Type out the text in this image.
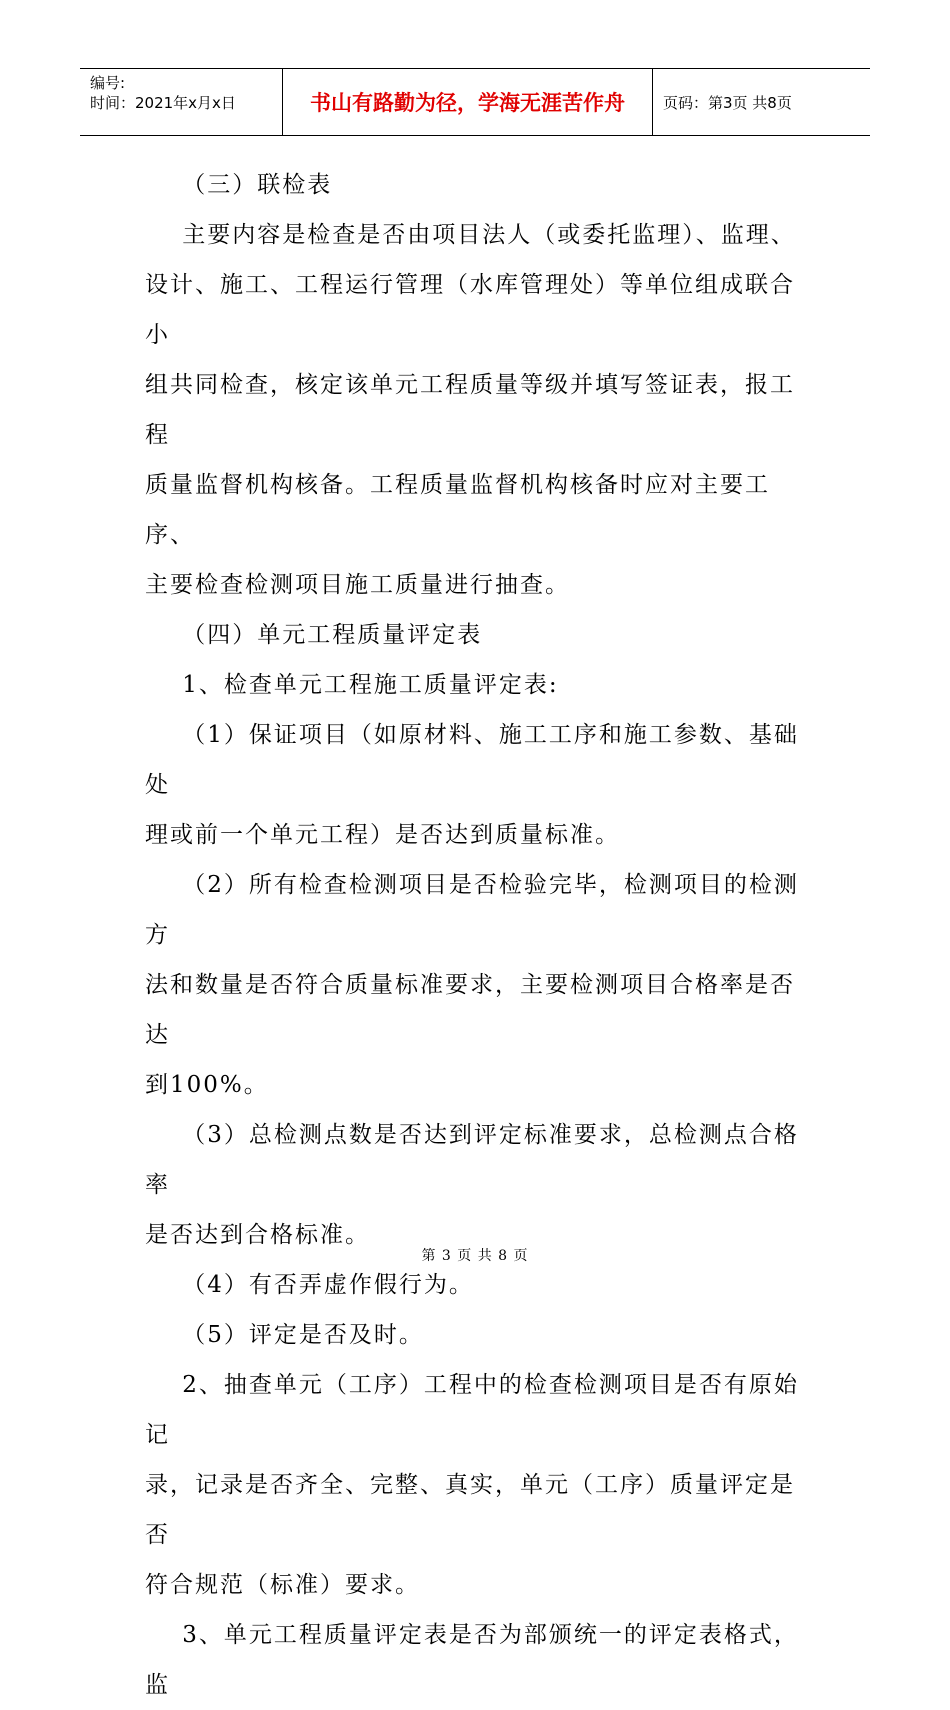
编号:
时间：2021年x月x日	书山有路勤为径，学海无涯苦作舟	页码：第3页 共8页

（三）联检表

主要内容是检查是否由项目法人（或委托监理）、监理、

设计、施工、工程运行管理（水库管理处）等单位组成联合小

组共同检查，核定该单元工程质量等级并填写签证表，报工程

质量监督机构核备。工程质量监督机构核备时应对主要工序、

主要检查检测项目施工质量进行抽查。

（四）单元工程质量评定表

1、检查单元工程施工质量评定表:

（1）保证项目（如原材料、施工工序和施工参数、基础处

理或前一个单元工程）是否达到质量标准。

（2）所有检查检测项目是否检验完毕，检测项目的检测方

法和数量是否符合质量标准要求，主要检测项目合格率是否达

到100%。

（3）总检测点数是否达到评定标准要求，总检测点合格率

是否达到合格标准。

（4）有否弄虚作假行为。

（5）评定是否及时。

2、抽查单元（工序）工程中的检查检测项目是否有原始记

录，记录是否齐全、完整、真实，单元（工序）质量评定是否

符合规范（标准）要求。

3、单元工程质量评定表是否为部颁统一的评定表格式，监

第 3 页 共 8 页
